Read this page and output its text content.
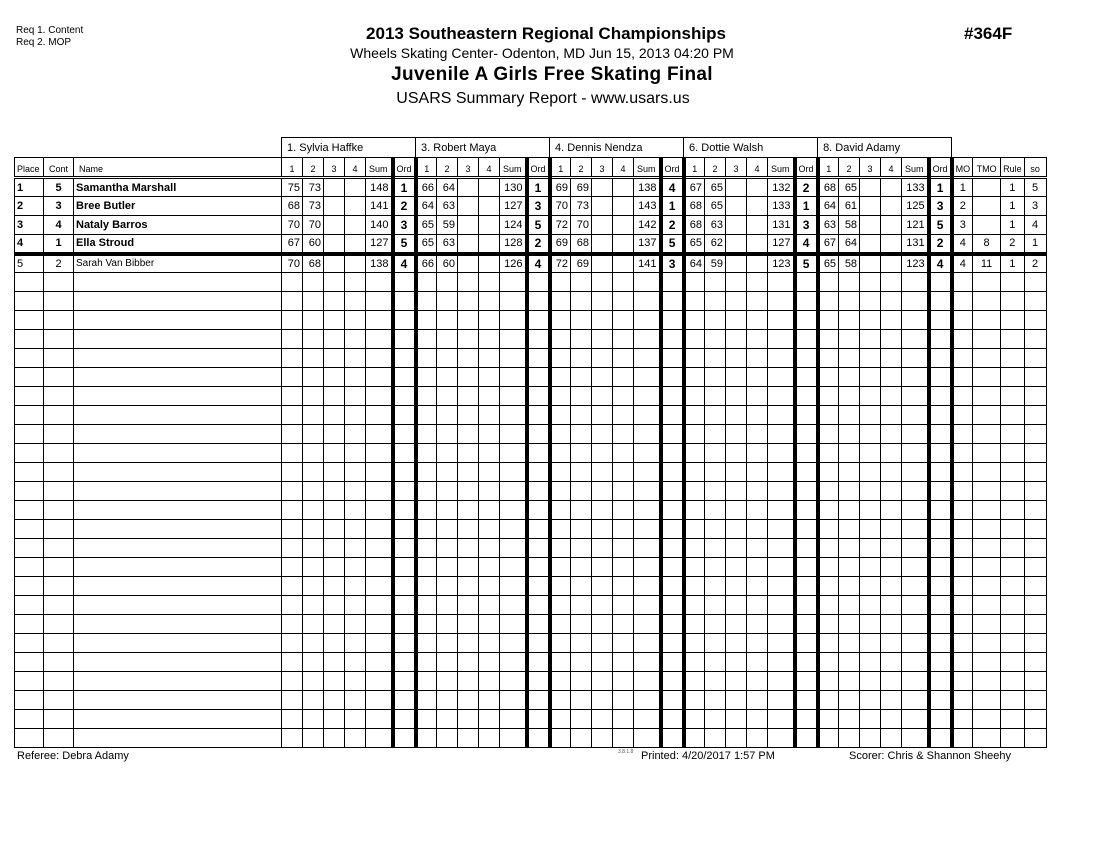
Req 1. Content
Req 2. MOP	2013 Southeastern Regional Championships
Wheels Skating Center- Odenton, MD Jun 15, 2013 04:20 PM
Juvenile A Girls Free Skating Final
USARS Summary Report - www.usars.us
#364F
			1. Sylvia Haffke						3. Robert Maya						4. Dennis Nendza						6. Dottie Walsh						8. David Adamy									
Place	Cont	Name	1	2	3	4	Sum	Ord	1	2	3	4	Sum	Ord	1	2	3	4	Sum	Ord	1	2	3	4	Sum	Ord	1	2	3	4	Sum	Ord	MO	TMO	Rule	so
1	5	Samantha Marshall	75	73			148	1	66	64			130	1	69	69			138	4	67	65			132	2	68	65			133	1	1		1	5
2	3	Bree Butler	68	73			141	2	64	63			127	3	70	73			143	1	68	65			133	1	64	61			125	3	2		1	3
3	4	Nataly Barros	70	70			140	3	65	59			124	5	72	70			142	2	68	63			131	3	63	58			121	5	3		1	4
4	1	Ella Stroud	67	60			127	5	65	63			128	2	69	68			137	5	65	62			127	4	67	64			131	2	4	8	2	1
5	2	Sarah Van Bibber	70	68			138	4	66	60			126	4	72	69			141	3	64	59			123	5	65	58			123	4	4	11	1	2

Referee: Debra Adamy	3.8.1.8 Printed: 4/20/2017 1:57 PM	Scorer: Chris & Shannon Sheehy
